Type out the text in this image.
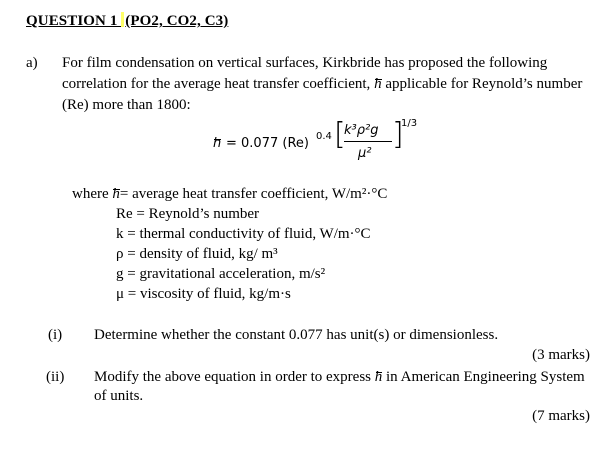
QUESTION 1 (PO2, CO2, C3)
a) For film condensation on vertical surfaces, Kirkbride has proposed the following
correlation for the average heat transfer coefficient, h applicable for Reynold’s number
(Re) more than 1800:
h = 0.077 (Re) 0.4 [
k³ρ²g
μ²
]
1/3
where h= average heat transfer coefficient, W/m²·°C
Re = Reynold’s number
k = thermal conductivity of fluid, W/m·°C
ρ = density of fluid, kg/ m³
g = gravitational acceleration, m/s²
μ = viscosity of fluid, kg/m·s
(i) Determine whether the constant 0.077 has unit(s) or dimensionless.
(3 marks)
(ii) Modify the above equation in order to express h in American Engineering System
of units.
(7 marks)
